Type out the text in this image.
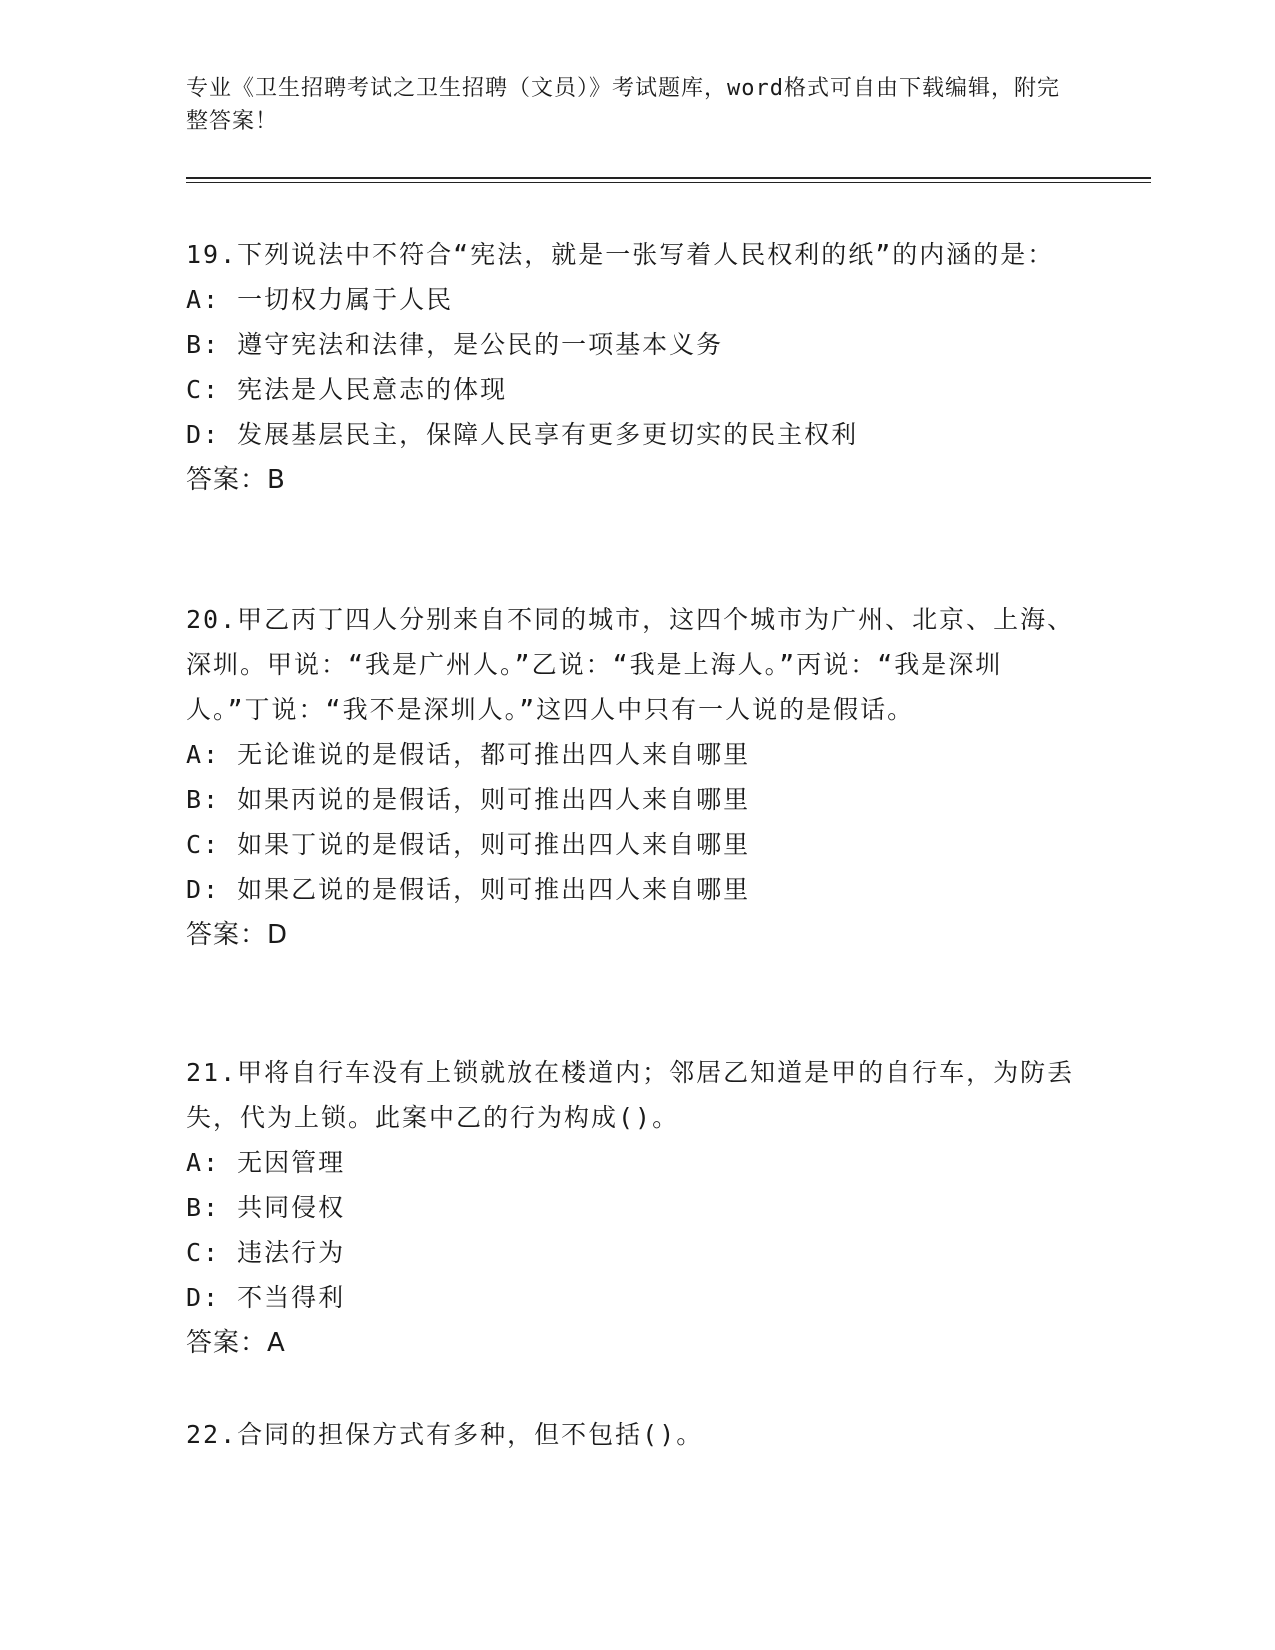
专业《卫生招聘考试之卫生招聘（文员）》考试题库，word格式可自由下载编辑，附完整答案！

19.下列说法中不符合“宪法，就是一张写着人民权利的纸”的内涵的是：

A: 一切权力属于人民

B: 遵守宪法和法律，是公民的一项基本义务

C: 宪法是人民意志的体现

D: 发展基层民主，保障人民享有更多更切实的民主权利

答案：B

20.甲乙丙丁四人分别来自不同的城市，这四个城市为广州、北京、上海、深圳。甲说：“我是广州人。”乙说：“我是上海人。”丙说：“我是深圳人。”丁说：“我不是深圳人。”这四人中只有一人说的是假话。

A: 无论谁说的是假话，都可推出四人来自哪里

B: 如果丙说的是假话，则可推出四人来自哪里

C: 如果丁说的是假话，则可推出四人来自哪里

D: 如果乙说的是假话，则可推出四人来自哪里

答案：D

21.甲将自行车没有上锁就放在楼道内；邻居乙知道是甲的自行车，为防丢失，代为上锁。此案中乙的行为构成()。

A: 无因管理

B: 共同侵权

C: 违法行为

D: 不当得利

答案：A

22.合同的担保方式有多种，但不包括()。
